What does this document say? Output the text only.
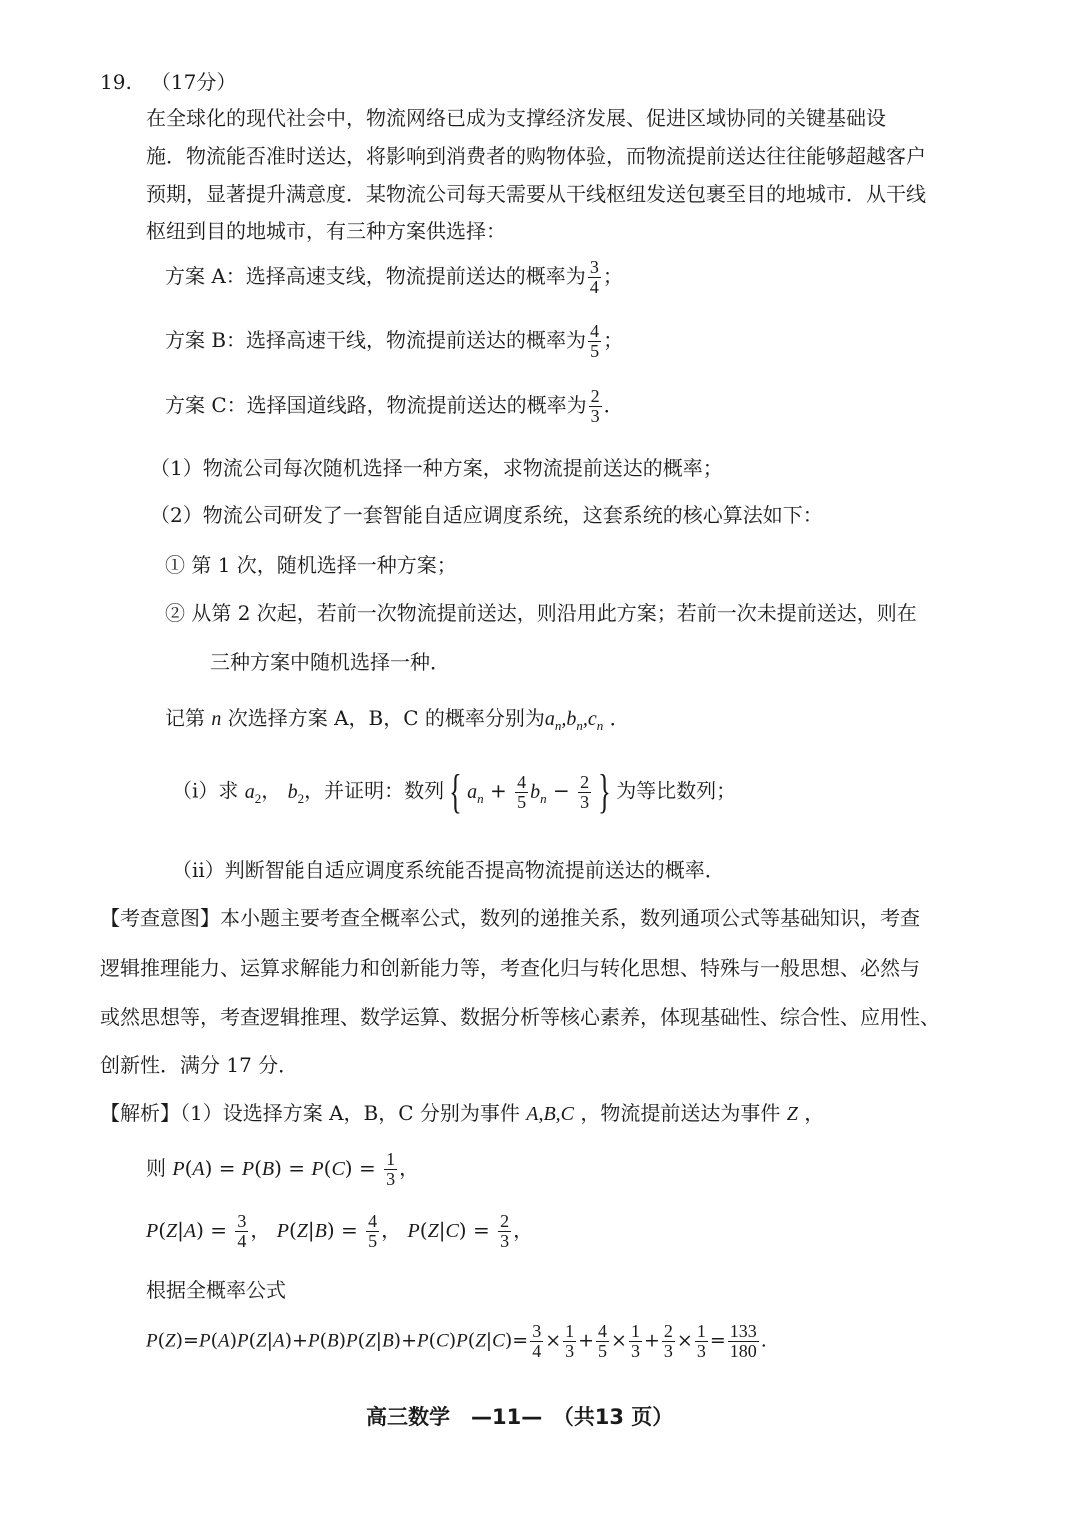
19. （17分）
在全球化的现代社会中，物流网络已成为支撑经济发展、促进区域协同的关键基础设
施．物流能否准时送达，将影响到消费者的购物体验，而物流提前送达往往能够超越客户
预期，显著提升满意度．某物流公司每天需要从干线枢纽发送包裹至目的地城市．从干线
枢纽到目的地城市，有三种方案供选择：
方案 A：选择高速支线，物流提前送达的概率为 $\frac{3}{4}$ ；
方案 B：选择高速干线，物流提前送达的概率为 $\frac{4}{5}$ ；
方案 C：选择国道线路，物流提前送达的概率为 $\frac{2}{3}$ ．
（1）物流公司每次随机选择一种方案，求物流提前送达的概率；
（2）物流公司研发了一套智能自适应调度系统，这套系统的核心算法如下：
① 第 1 次，随机选择一种方案；
② 从第 2 次起，若前一次物流提前送达，则沿用此方案；若前一次未提前送达，则在
三种方案中随机选择一种．
记第 n 次选择方案 A，B，C 的概率分别为$a_n,b_n,c_n$ ．
（i）求 $a_2$， $b_2$，并证明：数列 { $a_n + \frac{4}{5} b_n - \frac{2}{3}$ } 为等比数列；
（ii）判断智能自适应调度系统能否提高物流提前送达的概率．
【考查意图】本小题主要考查全概率公式，数列的递推关系，数列通项公式等基础知识，考查
逻辑推理能力、运算求解能力和创新能力等，考查化归与转化思想、特殊与一般思想、必然与
或然思想等，考查逻辑推理、数学运算、数据分析等核心素养，体现基础性、综合性、应用性、
创新性．满分 17 分．
【解析】（1）设选择方案 A，B，C 分别为事件 A,B,C ，物流提前送达为事件 Z ，
则 $P(A) = P(B) = P(C) = \frac{1}{3}$ ，
$P(Z|A) = \frac{3}{4}$ ， $P(Z|B) = \frac{4}{5}$ ， $P(Z|C) = \frac{2}{3}$ ，
根据全概率公式
$P(Z)=P(A)P(Z|A)+P(B)P(Z|B)+P(C)P(Z|C)= \frac{3}{4} \times \frac{1}{3} + \frac{4}{5} \times \frac{1}{3} + \frac{2}{3} \times \frac{1}{3} = \frac{133}{180}$ .
高三数学　—11—　（共13 页）
